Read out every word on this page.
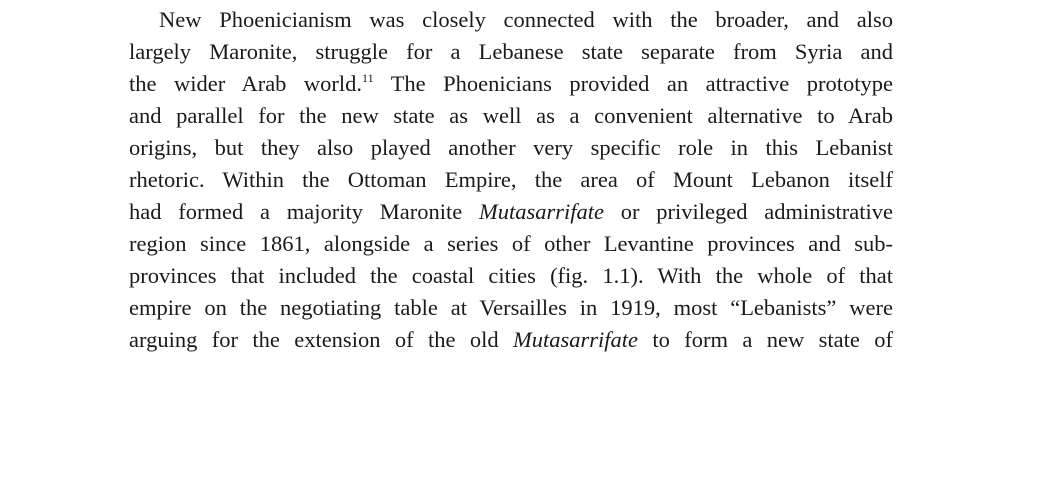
New Phoenicianism was closely connected with the broader, and also
largely Maronite, struggle for a Lebanese state separate from Syria and
the wider Arab world.$^{11}$ The Phoenicians provided an attractive prototype
and parallel for the new state as well as a convenient alternative to Arab
origins, but they also played another very specific role in this Lebanist
rhetoric. Within the Ottoman Empire, the area of Mount Lebanon itself
had formed a majority Maronite Mutasarrifate or privileged administrative
region since 1861, alongside a series of other Levantine provinces and sub-
provinces that included the coastal cities (fig. 1.1). With the whole of that
empire on the negotiating table at Versailles in 1919, most “Lebanists” were
arguing for the extension of the old Mutasarrifate to form a new state of
